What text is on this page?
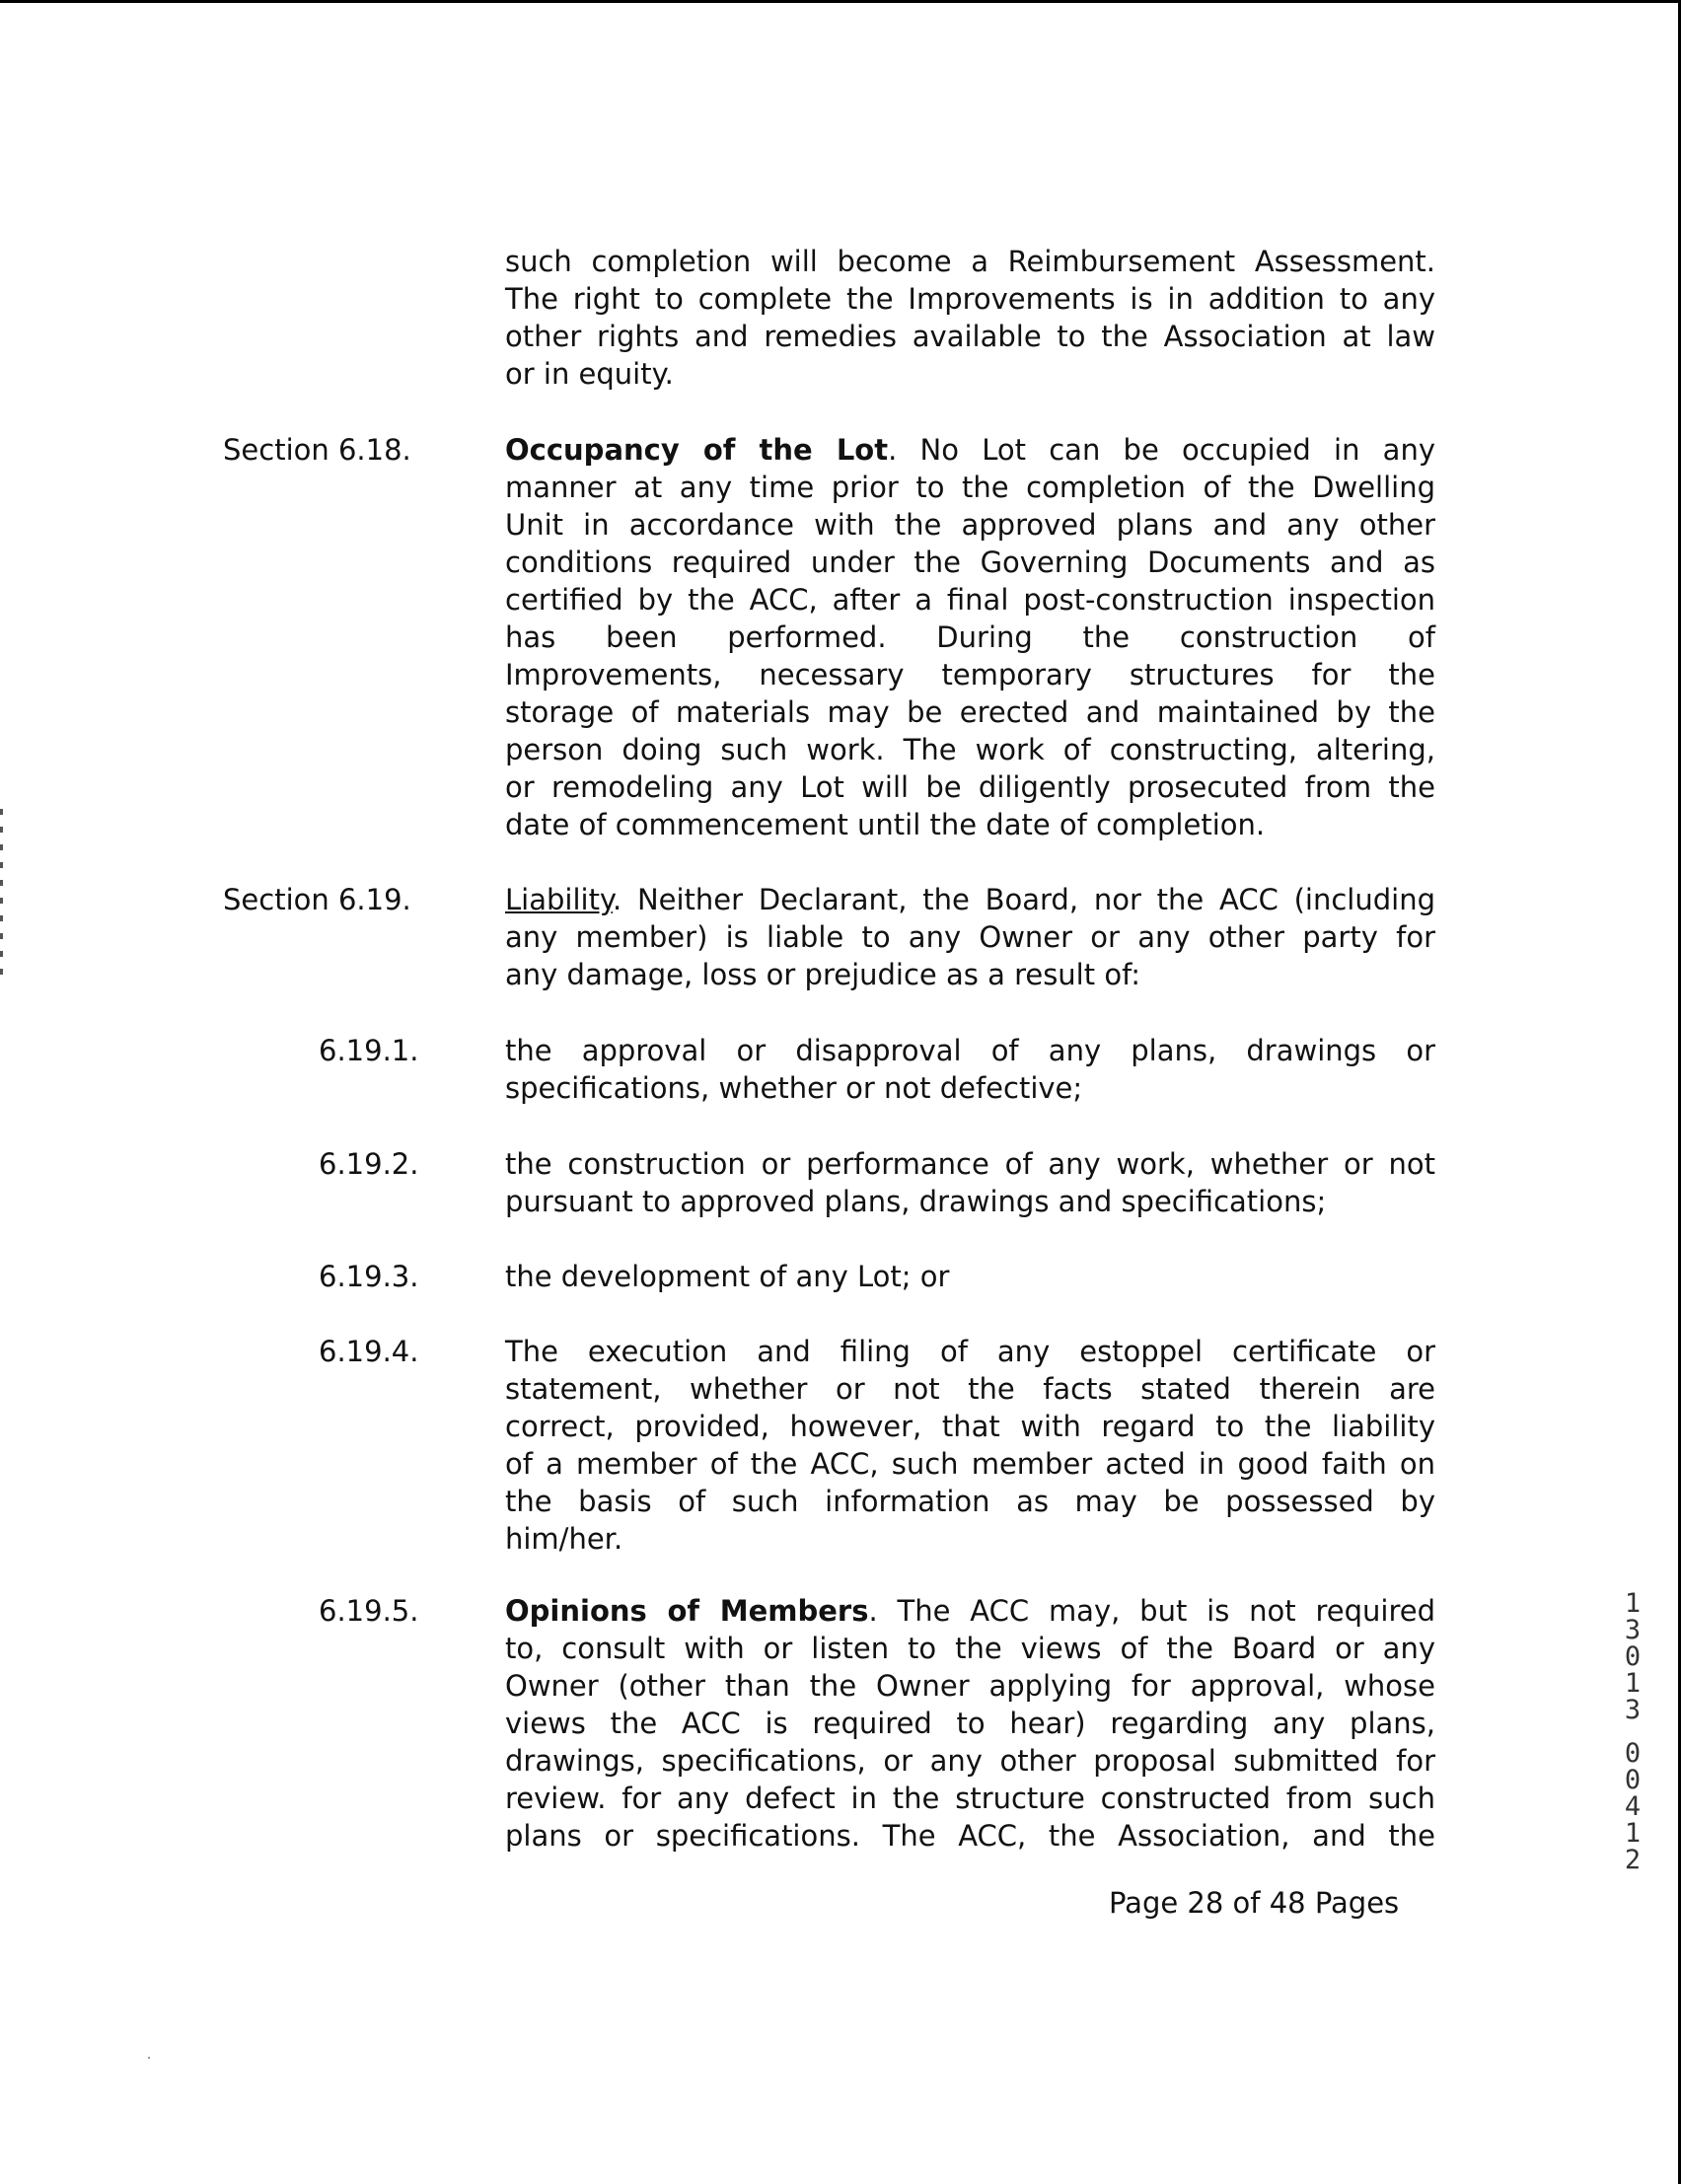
such completion will become a Reimbursement Assessment.
The right to complete the Improvements is in addition to any
other rights and remedies available to the Association at law
or in equity.
Section 6.18.	Occupancy of the Lot. No Lot can be occupied in any
manner at any time prior to the completion of the Dwelling
Unit in accordance with the approved plans and any other
conditions required under the Governing Documents and as
certified by the ACC, after a final post-construction inspection
has been performed. During the construction of
Improvements, necessary temporary structures for the
storage of materials may be erected and maintained by the
person doing such work. The work of constructing, altering,
or remodeling any Lot will be diligently prosecuted from the
date of commencement until the date of completion.
Section 6.19.	Liability. Neither Declarant, the Board, nor the ACC (including
any member) is liable to any Owner or any other party for
any damage, loss or prejudice as a result of:
6.19.1.	the approval or disapproval of any plans, drawings or
specifications, whether or not defective;
6.19.2.	the construction or performance of any work, whether or not
pursuant to approved plans, drawings and specifications;
6.19.3.	the development of any Lot; or
6.19.4.	The execution and filing of any estoppel certificate or
statement, whether or not the facts stated therein are
correct, provided, however, that with regard to the liability
of a member of the ACC, such member acted in good faith on
the basis of such information as may be possessed by
him/her.
6.19.5.	Opinions of Members. The ACC may, but is not required
to, consult with or listen to the views of the Board or any
Owner (other than the Owner applying for approval, whose
views the ACC is required to hear) regarding any plans,
drawings, specifications, or any other proposal submitted for
review. for any defect in the structure constructed from such
plans or specifications. The ACC, the Association, and the
Page 28 of 48 Pages
1
3
0
1
3
0
0
4
1
2
